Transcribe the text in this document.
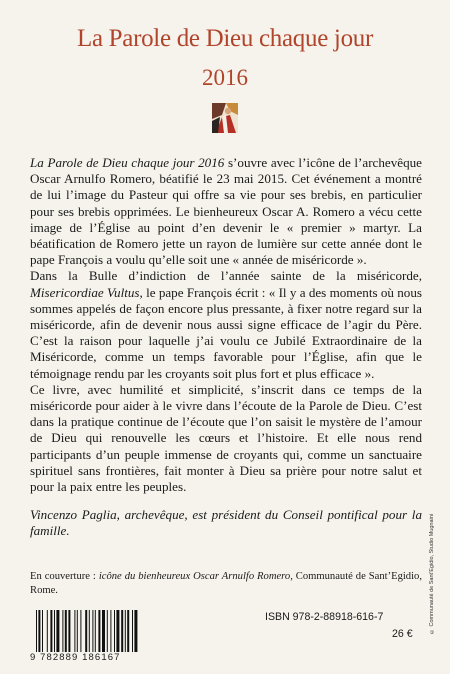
La Parole de Dieu chaque jour
2016

La Parole de Dieu chaque jour 2016 s’ouvre avec l’icône de l’archevêque Oscar Arnulfo Romero, béatifié le 23 mai 2015. Cet événement a montré de lui l’image du Pasteur qui offre sa vie pour ses brebis, en particulier pour ses brebis opprimées. Le bienheureux Oscar A. Romero a vécu cette image de l’Église au point d’en devenir le « premier » martyr. La béatification de Romero jette un rayon de lumière sur cette année dont le pape François a voulu qu’elle soit une « année de miséricorde ».

Dans la Bulle d’indiction de l’année sainte de la miséricorde, Misericordiae Vultus, le pape François écrit : « Il y a des moments où nous sommes appelés de façon encore plus pressante, à fixer notre regard sur la miséricorde, afin de devenir nous aussi signe efficace de l’agir du Père. C’est la raison pour laquelle j’ai voulu ce Jubilé Extraordinaire de la Miséricorde, comme un temps favorable pour l’Église, afin que le témoignage rendu par les croyants soit plus fort et plus efficace ».

Ce livre, avec humilité et simplicité, s’inscrit dans ce temps de la miséricorde pour aider à le vivre dans l’écoute de la Parole de Dieu. C’est dans la pratique continue de l’écoute que l’on saisit le mystère de l’amour de Dieu qui renouvelle les cœurs et l’histoire. Et elle nous rend participants d’un peuple immense de croyants qui, comme un sanctuaire spirituel sans frontières, fait monter à Dieu sa prière pour notre salut et pour la paix entre les peuples.

Vincenzo Paglia, archevêque, est président du Conseil pontifical pour la famille.

En couverture : icône du bienheureux Oscar Arnulfo Romero, Communauté de Sant’Egidio, Rome.	© Communauté de Sant’Egidio, Studio Mugnaini
9 782889 186167
ISBN 978-2-88918-616-7
26 €
